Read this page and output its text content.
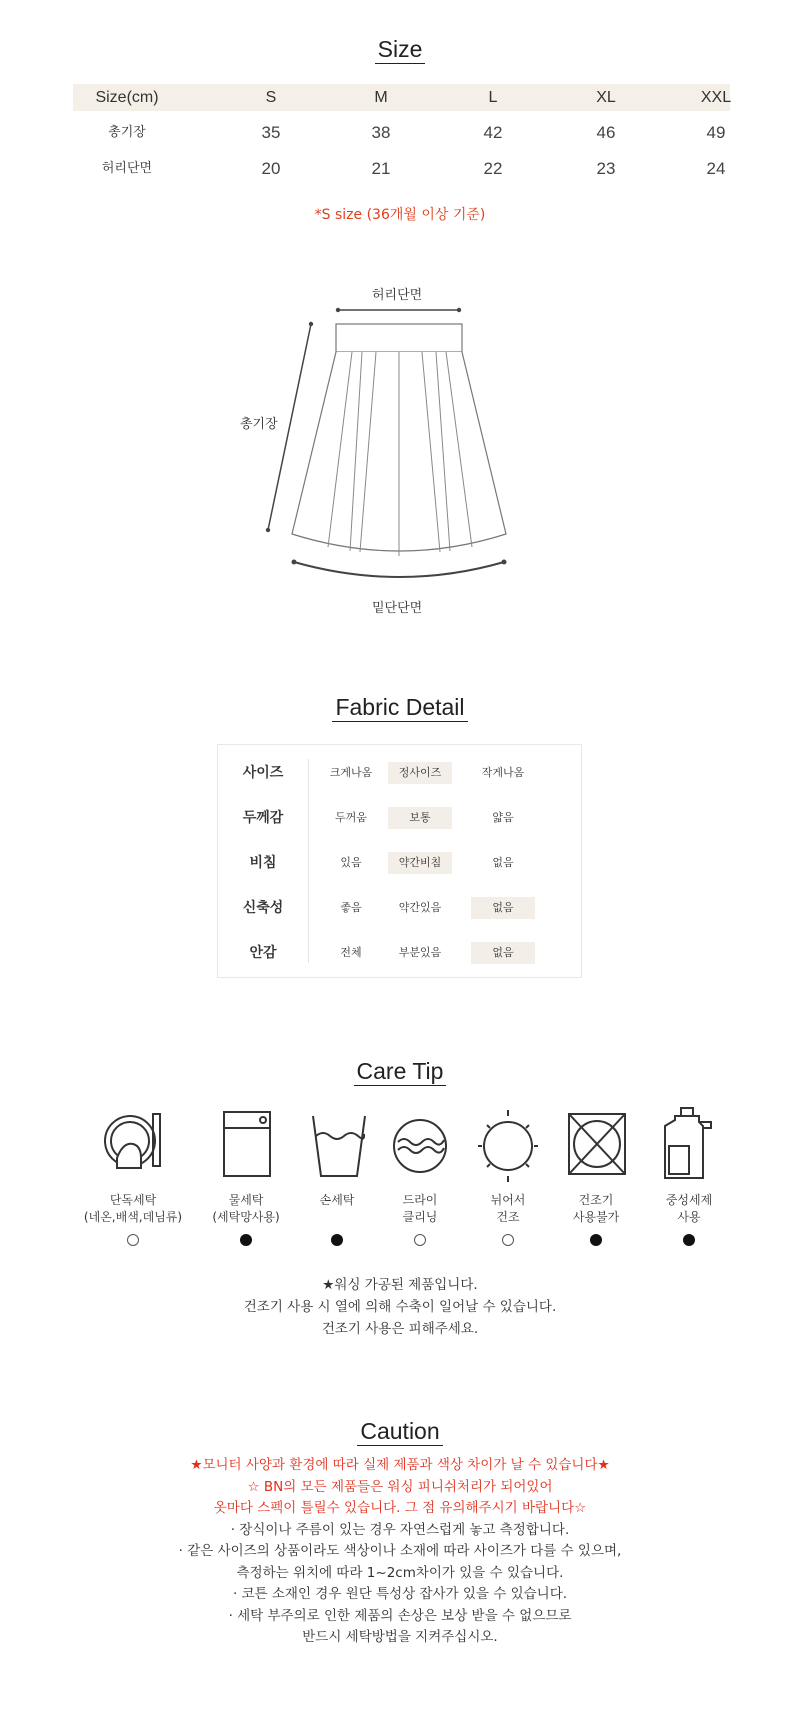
Size
Size(cm)	S	M	L	XL	XXL
총기장	35	38	42	46	49
허리단면	20	21	22	23	24
*S size (36개월 이상 기준)
허리단면
총기장
밑단단면
Fabric Detail
사이즈	크게나옴	정사이즈	작게나옴
두께감	두꺼움	보통	얇음
비침	있음	약간비침	없음
신축성	좋음	약간있음	없음
안감	전체	부분있음	없음
Care Tip
단독세탁
(네온,배색,데님류)
물세탁
(세탁망사용)
손세탁	드라이
클리닝
뉘어서
건조
건조기
사용불가
중성세제
사용
★워싱 가공된 제품입니다.
건조기 사용 시 열에 의해 수축이 일어날 수 있습니다.
건조기 사용은 피해주세요.
Caution
★모니터 사양과 환경에 따라 실제 제품과 색상 차이가 날 수 있습니다★
☆ BN의 모든 제품들은 워싱 피니쉬처리가 되어있어
옷마다 스펙이 틀릴수 있습니다. 그 점 유의해주시기 바랍니다☆
· 장식이나 주름이 있는 경우 자연스럽게 놓고 측정합니다.
· 같은 사이즈의 상품이라도 색상이나 소재에 따라 사이즈가 다를 수 있으며,
측정하는 위치에 따라 1~2cm차이가 있을 수 있습니다.
· 코튼 소재인 경우 원단 특성상 잡사가 있을 수 있습니다.
· 세탁 부주의로 인한 제품의 손상은 보상 받을 수 없으므로
반드시 세탁방법을 지켜주십시오.
